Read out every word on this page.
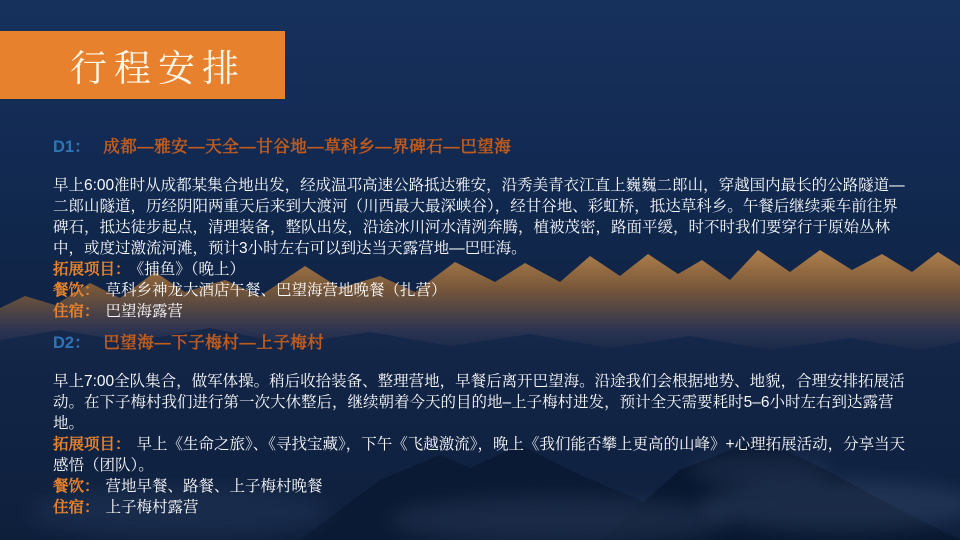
行程安排
D1： 成都—雅安—天全—甘谷地—草科乡—界碑石—巴望海

早上6:00准时从成都某集合地出发，经成温邛高速公路抵达雅安，沿秀美青衣江直上巍巍二郎山，穿越国内最长的公路隧道—二郎山隧道，历经阴阳两重天后来到大渡河（川西最大最深峡谷），经甘谷地、彩虹桥，抵达草科乡。午餐后继续乘车前往界碑石，抵达徒步起点，清理装备，整队出发，沿途冰川河水清洌奔腾，植被茂密，路面平缓，时不时我们要穿行于原始丛林中，或度过激流河滩，预计3小时左右可以到达当天露营地—巴旺海。

拓展项目： 《捕鱼》（晚上）

餐饮： 草科乡神龙大酒店午餐、巴望海营地晚餐（扎营）

住宿： 巴望海露营

D2： 巴望海—下子梅村—上子梅村

早上7:00全队集合，做军体操。稍后收拾装备、整理营地，早餐后离开巴望海。沿途我们会根据地势、地貌，合理安排拓展活动。在下子梅村我们进行第一次大休整后，继续朝着今天的目的地–上子梅村进发，预计全天需要耗时5–6小时左右到达露营地。

拓展项目： 早上《生命之旅》、《寻找宝藏》，下午《飞越激流》，晚上《我们能否攀上更高的山峰》+心理拓展活动，分享当天感悟（团队）。

餐饮： 营地早餐、路餐、上子梅村晚餐

住宿： 上子梅村露营
